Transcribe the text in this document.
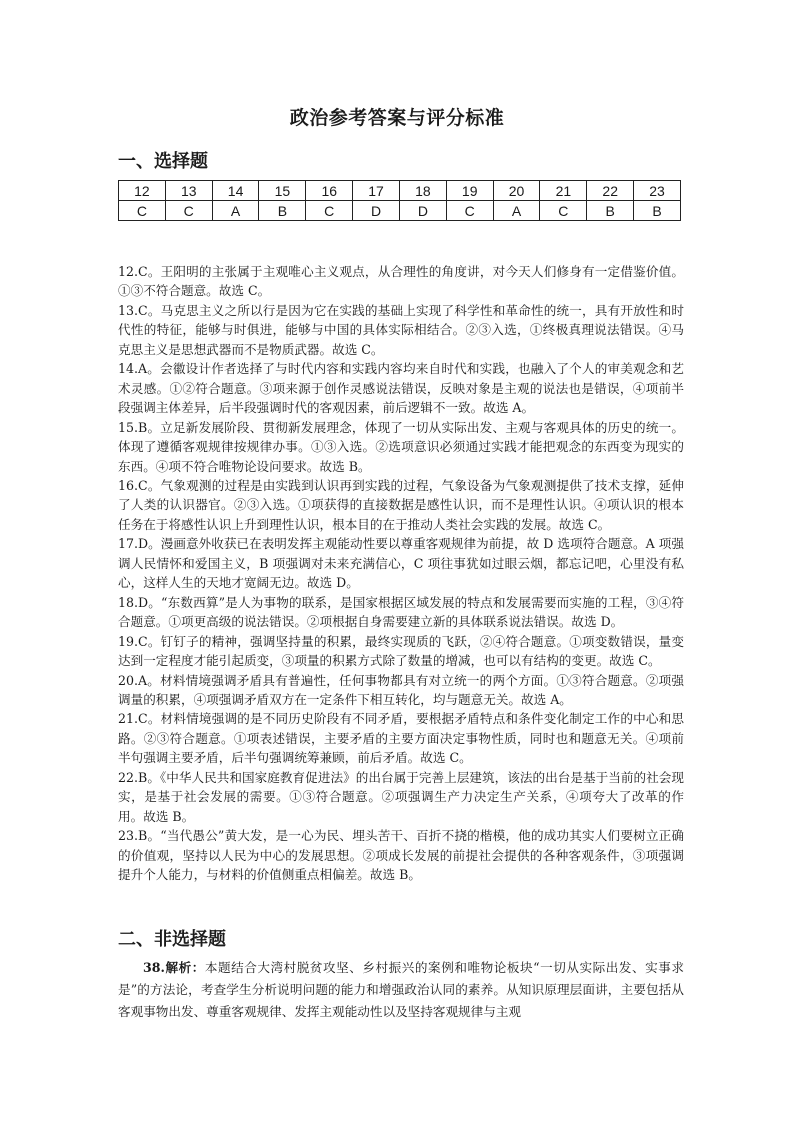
政治参考答案与评分标准
一、选择题
12	13	14	15	16	17	18	19	20	21	22	23
C	C	A	B	C	D	D	C	A	C	B	B

12.C。王阳明的主张属于主观唯心主义观点，从合理性的角度讲，对今天人们修身有一定借鉴价值。①③不符合题意。故选 C。

13.C。马克思主义之所以行是因为它在实践的基础上实现了科学性和革命性的统一，具有开放性和时代性的特征，能够与时俱进，能够与中国的具体实际相结合。②③入选，①终极真理说法错误。④马克思主义是思想武器而不是物质武器。故选 C。

14.A。会徽设计作者选择了与时代内容和实践内容均来自时代和实践，也融入了个人的审美观念和艺术灵感。①②符合题意。③项来源于创作灵感说法错误，反映对象是主观的说法也是错误，④项前半段强调主体差异，后半段强调时代的客观因素，前后逻辑不一致。故选 A。

15.B。立足新发展阶段、贯彻新发展理念，体现了一切从实际出发、主观与客观具体的历史的统一。体现了遵循客观规律按规律办事。①③入选。②选项意识必须通过实践才能把观念的东西变为现实的东西。④项不符合唯物论设问要求。故选 B。

16.C。气象观测的过程是由实践到认识再到实践的过程，气象设备为气象观测提供了技术支撑，延伸了人类的认识器官。②③入选。①项获得的直接数据是感性认识，而不是理性认识。④项认识的根本任务在于将感性认识上升到理性认识，根本目的在于推动人类社会实践的发展。故选 C。

17.D。漫画意外收获已在表明发挥主观能动性要以尊重客观规律为前提，故 D 选项符合题意。A 项强调人民情怀和爱国主义，B 项强调对未来充满信心，C 项往事犹如过眼云烟，都忘记吧，心里没有私心，这样人生的天地才宽阔无边。故选 D。

18.D。“东数西算”是人为事物的联系，是国家根据区域发展的特点和发展需要而实施的工程，③④符合题意。①项更高级的说法错误。②项根据自身需要建立新的具体联系说法错误。故选 D。

19.C。钉钉子的精神，强调坚持量的积累，最终实现质的飞跃，②④符合题意。①项变数错误，量变达到一定程度才能引起质变，③项量的积累方式除了数量的增减，也可以有结构的变更。故选 C。

20.A。材料情境强调矛盾具有普遍性，任何事物都具有对立统一的两个方面。①③符合题意。②项强调量的积累，④项强调矛盾双方在一定条件下相互转化，均与题意无关。故选 A。

21.C。材料情境强调的是不同历史阶段有不同矛盾，要根据矛盾特点和条件变化制定工作的中心和思路。②③符合题意。①项表述错误，主要矛盾的主要方面决定事物性质，同时也和题意无关。④项前半句强调主要矛盾，后半句强调统筹兼顾，前后矛盾。故选 C。

22.B。《中华人民共和国家庭教育促进法》的出台属于完善上层建筑，该法的出台是基于当前的社会现实，是基于社会发展的需要。①③符合题意。②项强调生产力决定生产关系，④项夸大了改革的作用。故选 B。

23.B。“当代愚公”黄大发，是一心为民、埋头苦干、百折不挠的楷模，他的成功其实人们要树立正确的价值观，坚持以人民为中心的发展思想。②项成长发展的前提社会提供的各种客观条件，③项强调提升个人能力，与材料的价值侧重点相偏差。故选 B。

二、非选择题

38.解析：本题结合大湾村脱贫攻坚、乡村振兴的案例和唯物论板块“一切从实际出发、实事求是”的方法论，考查学生分析说明问题的能力和增强政治认同的素养。从知识原理层面讲，主要包括从客观事物出发、尊重客观规律、发挥主观能动性以及坚持客观规律与主观
